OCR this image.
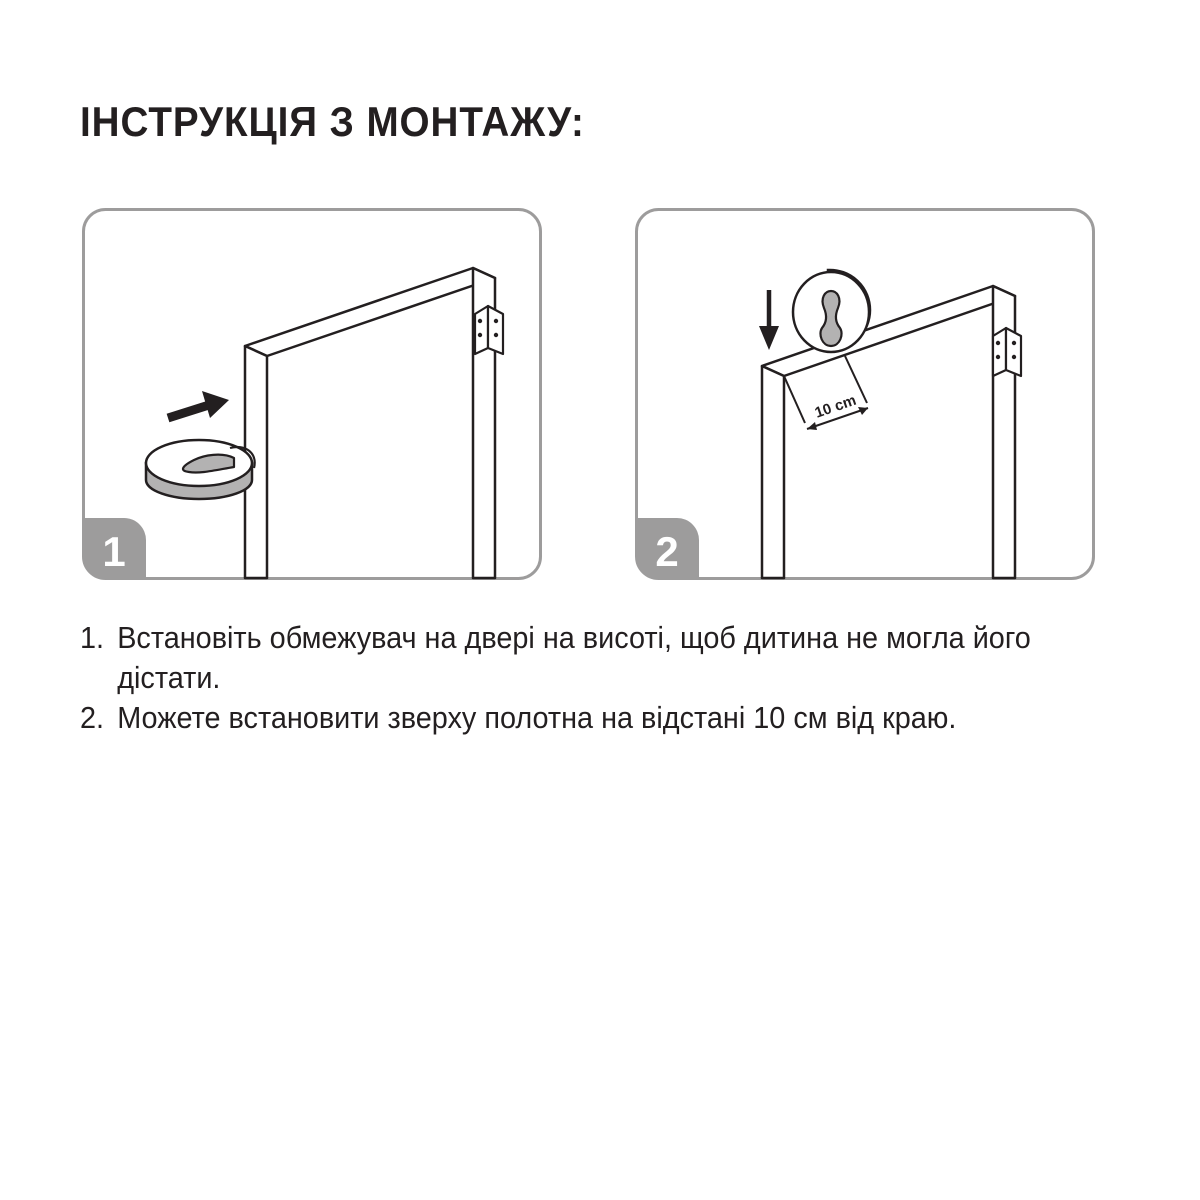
ІНСТРУКЦІЯ З МОНТАЖУ:
1
10 cm
2
1. Встановіть обмежувач на двері на висоті, щоб дитина не могла його дістати.
2. Можете встановити зверху полотна на відстані 10 см від краю.
